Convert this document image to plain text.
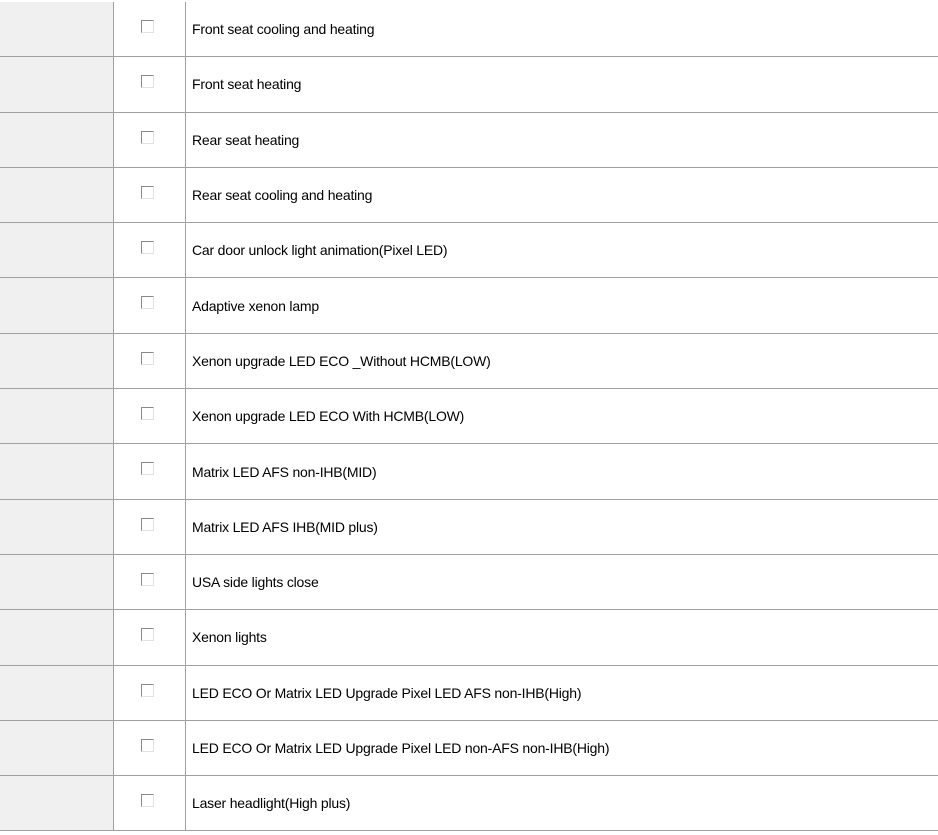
Front seat cooling and heating
Front seat heating
Rear seat heating
Rear seat cooling and heating
Car door unlock light animation(Pixel LED)
Adaptive xenon lamp
Xenon upgrade LED ECO _Without HCMB(LOW)
Xenon upgrade LED ECO With HCMB(LOW)
Matrix LED AFS non-IHB(MID)
Matrix LED AFS IHB(MID plus)
USA side lights close
Xenon lights
LED ECO Or Matrix LED Upgrade Pixel LED AFS non-IHB(High)
LED ECO Or Matrix LED Upgrade Pixel LED non-AFS non-IHB(High)
Laser headlight(High plus)
